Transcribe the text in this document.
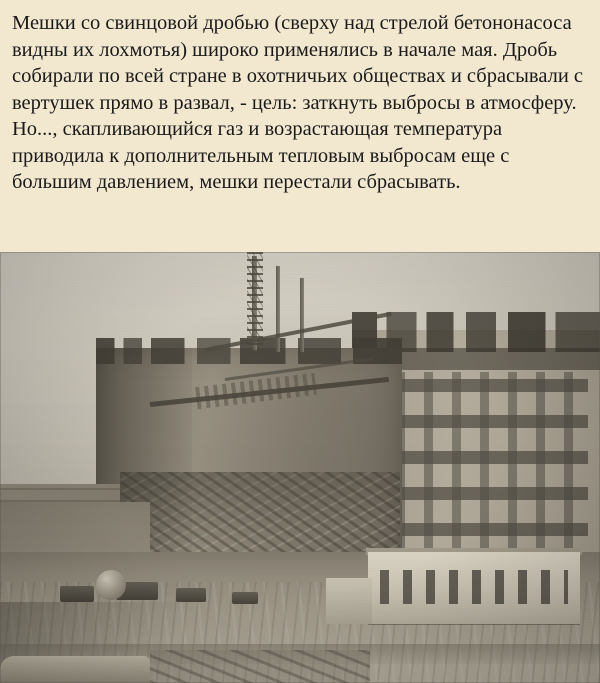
Мешки со свинцовой дробью (сверху над стрелой бетононасоса видны их лохмотья) широко применялись в начале мая. Дробь собирали по всей стране в охотничьих обществах и сбрасывали с вертушек прямо в развал, - цель: заткнуть выбросы в атмосферу. Но..., скапливающийся газ и возрастающая температура приводила к дополнительным тепловым выбросам еще с большим давлением, мешки перестали сбрасывать.
